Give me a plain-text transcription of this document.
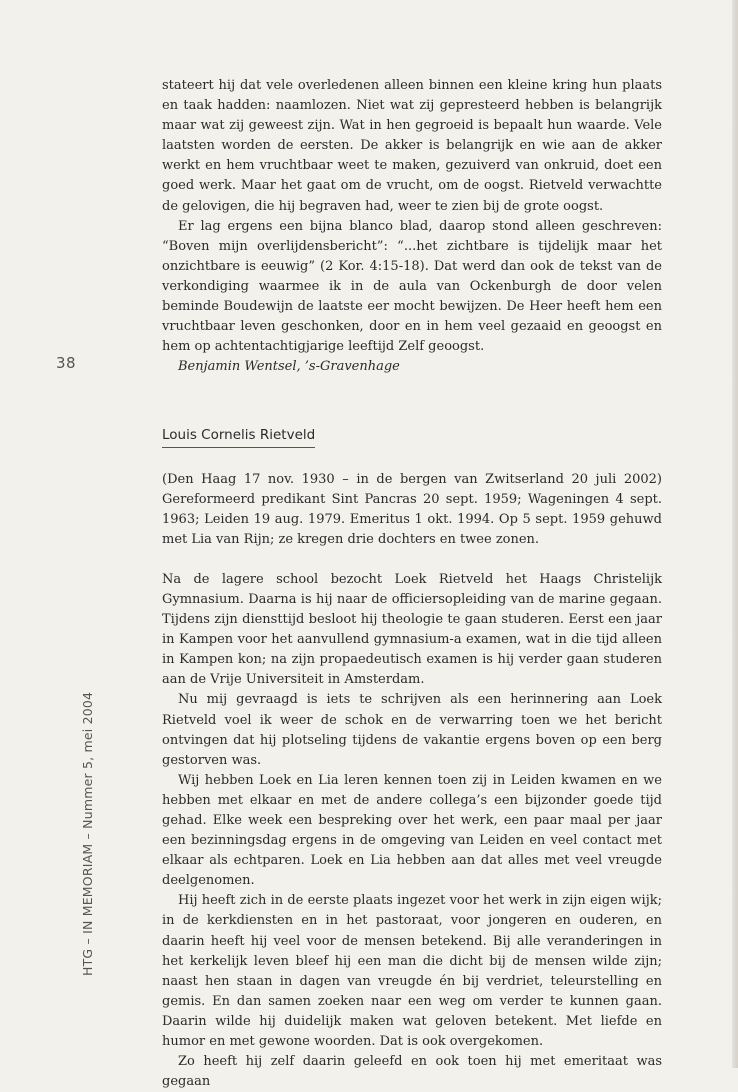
38
HTG – IN MEMORIAM – Nummer 5, mei 2004

stateert hij dat vele overledenen alleen binnen een kleine kring hun plaats en taak hadden: naamlozen. Niet wat zij gepresteerd hebben is belangrijk maar wat zij geweest zijn. Wat in hen gegroeid is bepaalt hun waarde. Vele laatsten worden de eersten. De akker is belangrijk en wie aan de akker werkt en hem vruchtbaar weet te maken, gezuiverd van onkruid, doet een goed werk. Maar het gaat om de vrucht, om de oogst. Rietveld verwachtte de gelovigen, die hij begraven had, weer te zien bij de grote oogst.

Er lag ergens een bijna blanco blad, daarop stond alleen geschreven: “Boven mijn overlijdensbericht”: “...het zichtbare is tijdelijk maar het onzichtbare is eeuwig” (2 Kor. 4:15-18). Dat werd dan ook de tekst van de verkondiging waarmee ik in de aula van Ockenburgh de door velen beminde Boudewijn de laatste eer mocht bewijzen. De Heer heeft hem een vruchtbaar leven geschonken, door en in hem veel gezaaid en geoogst en hem op achtentachtigjarige leeftijd Zelf geoogst.

Benjamin Wentsel, ’s-Gravenhage

Louis Cornelis Rietveld

(Den Haag 17 nov. 1930 – in de bergen van Zwitserland 20 juli 2002) Gereformeerd predikant Sint Pancras 20 sept. 1959; Wageningen 4 sept. 1963; Leiden 19 aug. 1979. Emeritus 1 okt. 1994. Op 5 sept. 1959 gehuwd met Lia van Rijn; ze kregen drie dochters en twee zonen.

Na de lagere school bezocht Loek Rietveld het Haags Christelijk Gymnasium. Daarna is hij naar de officiersopleiding van de marine gegaan. Tijdens zijn diensttijd besloot hij theologie te gaan studeren. Eerst een jaar in Kampen voor het aanvullend gymnasium-a examen, wat in die tijd alleen in Kampen kon; na zijn propaedeutisch examen is hij verder gaan studeren aan de Vrije Universiteit in Amsterdam.

Nu mij gevraagd is iets te schrijven als een herinnering aan Loek Rietveld voel ik weer de schok en de verwarring toen we het bericht ontvingen dat hij plotseling tijdens de vakantie ergens boven op een berg gestorven was.

Wij hebben Loek en Lia leren kennen toen zij in Leiden kwamen en we hebben met elkaar en met de andere collega’s een bijzonder goede tijd gehad. Elke week een bespreking over het werk, een paar maal per jaar een bezinningsdag ergens in de omgeving van Leiden en veel contact met elkaar als echtparen. Loek en Lia hebben aan dat alles met veel vreugde deelgenomen.

Hij heeft zich in de eerste plaats ingezet voor het werk in zijn eigen wijk; in de kerkdiensten en in het pastoraat, voor jongeren en ouderen, en daarin heeft hij veel voor de mensen betekend. Bij alle veranderingen in het kerkelijk leven bleef hij een man die dicht bij de mensen wilde zijn; naast hen staan in dagen van vreugde én bij verdriet, teleurstelling en gemis. En dan samen zoeken naar een weg om verder te kunnen gaan. Daarin wilde hij duidelijk maken wat geloven betekent. Met liefde en humor en met gewone woorden. Dat is ook overgekomen.

Zo heeft hij zelf daarin geleefd en ook toen hij met emeritaat was gegaan
